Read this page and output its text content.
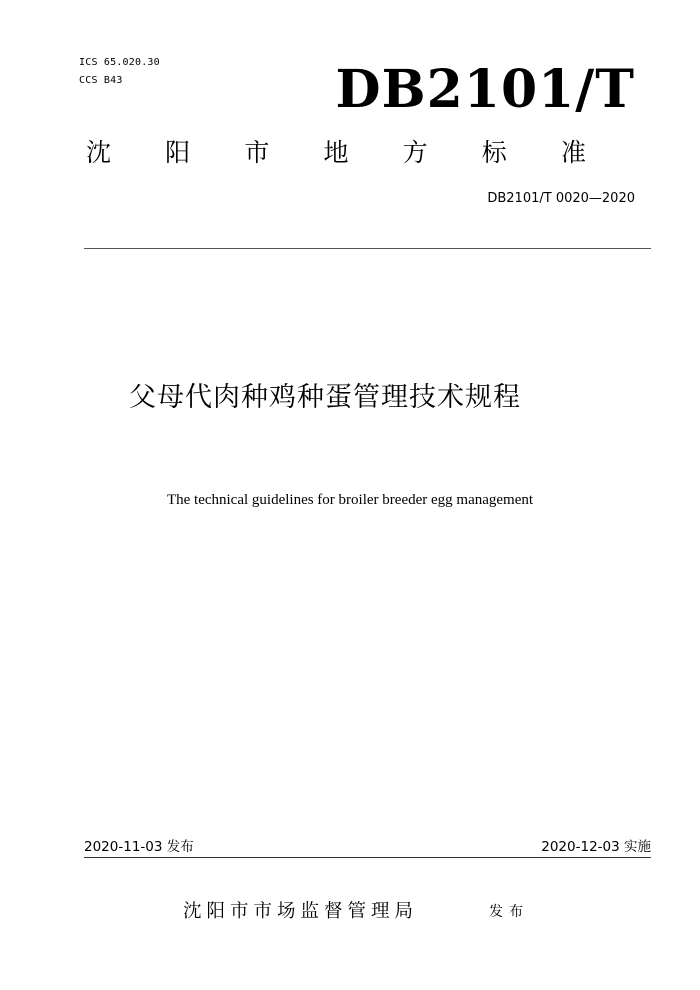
ICS 65.020.30
CCS B43	DB2101/T
沈 阳 市 地 方 标 准
DB2101/T 0020—2020
父母代肉种鸡种蛋管理技术规程
The technical guidelines for broiler breeder egg management
2020-11-03 发布	2020-12-03 实施
沈阳市市场监督管理局	发布
